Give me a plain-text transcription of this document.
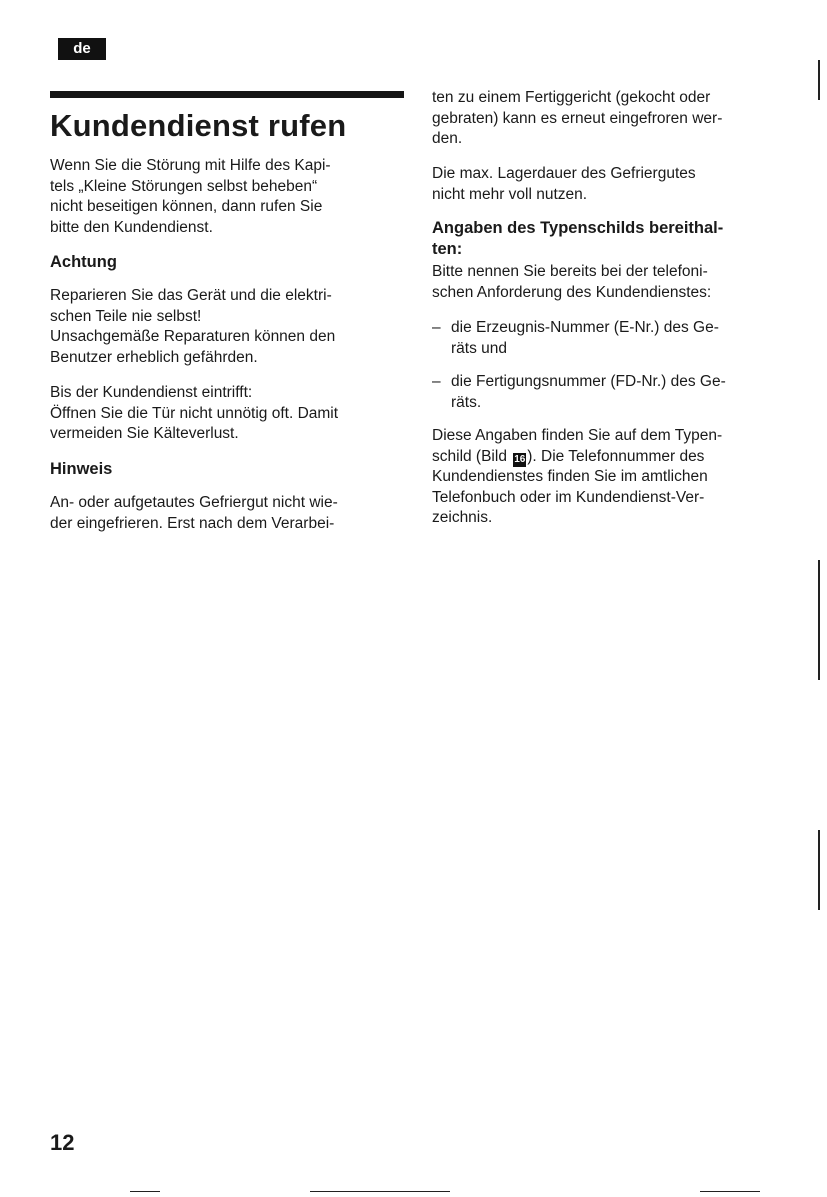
de
Kundendienst rufen

Wenn Sie die Störung mit Hilfe des Kapi-
tels „Kleine Störungen selbst beheben“
nicht beseitigen können, dann rufen Sie
bitte den Kundendienst.

Achtung

Reparieren Sie das Gerät und die elektri-
schen Teile nie selbst!
Unsachgemäße Reparaturen können den
Benutzer erheblich gefährden.

Bis der Kundendienst eintrifft:
Öffnen Sie die Tür nicht unnötig oft. Damit
vermeiden Sie Kälteverlust.

Hinweis

An- oder aufgetautes Gefriergut nicht wie-
der eingefrieren. Erst nach dem Verarbei-

ten zu einem Fertiggericht (gekocht oder
gebraten) kann es erneut eingefroren wer-
den.

Die max. Lagerdauer des Gefriergutes
nicht mehr voll nutzen.

Angaben des Typenschilds bereithal-
ten:

Bitte nennen Sie bereits bei der telefoni-
schen Anforderung des Kundendienstes:

– die Erzeugnis-Nummer (E-Nr.) des Ge-
räts und
– die Fertigungsnummer (FD-Nr.) des Ge-
räts.

Diese Angaben finden Sie auf dem Typen-
schild (Bild 16 ). Die Telefonnummer des
Kundendienstes finden Sie im amtlichen
Telefonbuch oder im Kundendienst-Ver-
zeichnis.

12
